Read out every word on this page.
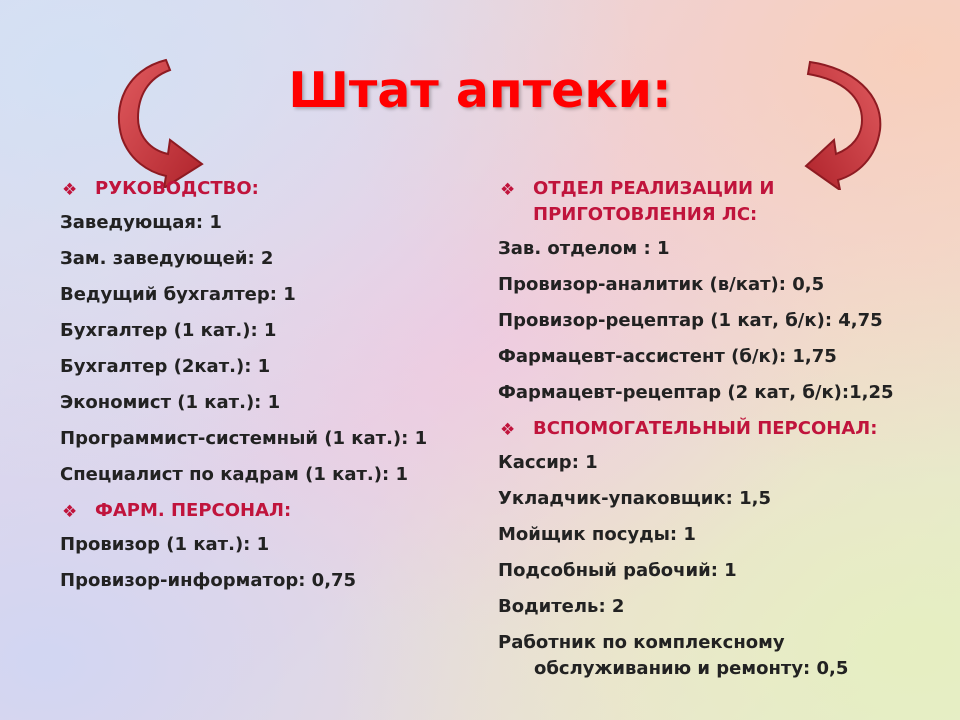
Штат аптеки:
❖ РУКОВОДСТВО:
Заведующая: 1
Зам. заведующей: 2
Ведущий бухгалтер: 1
Бухгалтер (1 кат.): 1
Бухгалтер (2кат.): 1
Экономист (1 кат.): 1
Программист-системный (1 кат.): 1
Специалист по кадрам (1 кат.): 1
❖ ФАРМ. ПЕРСОНАЛ:
Провизор (1 кат.): 1
Провизор-информатор: 0,75
❖ ОТДЕЛ РЕАЛИЗАЦИИ И ПРИГОТОВЛЕНИЯ ЛС:
Зав. отделом : 1
Провизор-аналитик (в/кат): 0,5
Провизор-рецептар (1 кат, б/к): 4,75
Фармацевт-ассистент (б/к): 1,75
Фармацевт-рецептар (2 кат, б/к):1,25
❖ ВСПОМОГАТЕЛЬНЫЙ ПЕРСОНАЛ:
Кассир: 1
Укладчик-упаковщик: 1,5
Мойщик посуды: 1
Подсобный рабочий: 1
Водитель: 2
Работник по комплексному обслуживанию и ремонту: 0,5
